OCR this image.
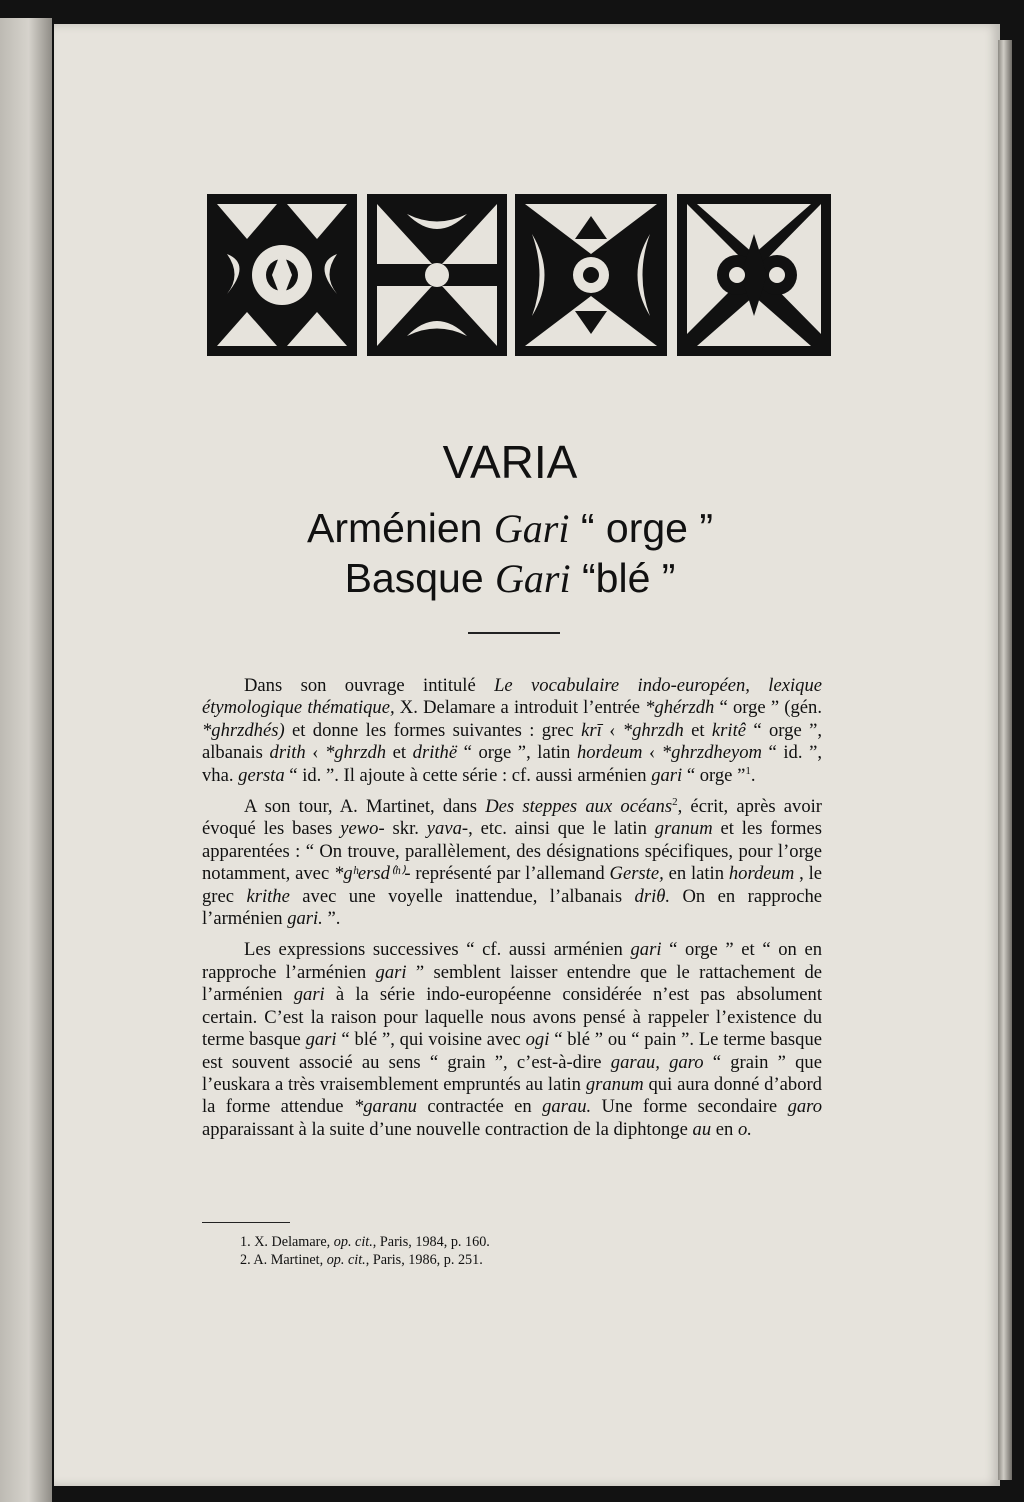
VARIA
Arménien Gari “ orge ”
Basque Gari “blé ”

Dans son ouvrage intitulé Le vocabulaire indo-européen, lexique étymologique thématique, X. Delamare a introduit l’entrée *ghérzdh “ orge ” (gén. *ghrzdhés) et donne les formes suivantes : grec krī ‹ *ghrzdh et kritê “ orge ”, albanais drith ‹ *ghrzdh et drithë “ orge ”, latin hordeum ‹ *ghrzdheyom “ id. ”, vha. gersta “ id. ”. Il ajoute à cette série : cf. aussi arménien gari “ orge ”$^1$.

A son tour, A. Martinet, dans Des steppes aux océans$^2$, écrit, après avoir évoqué les bases yewo- skr. yava-, etc. ainsi que le latin granum et les formes apparentées : “ On trouve, parallèlement, des désignations spécifiques, pour l’orge notamment, avec *gʰersd⁽ʰ⁾- représenté par l’allemand Gerste, en latin hordeum , le grec krithe avec une voyelle inattendue, l’albanais driθ. On en rapproche l’arménien gari. ”.

Les expressions successives “ cf. aussi arménien gari “ orge ” et “ on en rapproche l’arménien gari ” semblent laisser entendre que le rattachement de l’arménien gari à la série indo-européenne considérée n’est pas absolument certain. C’est la raison pour laquelle nous avons pensé à rappeler l’existence du terme basque gari “ blé ”, qui voisine avec ogi “ blé ” ou “ pain ”. Le terme basque est souvent associé au sens “ grain ”, c’est-à-dire garau, garo “ grain ” que l’euskara a très vraisemblement empruntés au latin granum qui aura donné d’abord la forme attendue *garanu contractée en garau. Une forme secondaire garo apparaissant à la suite d’une nouvelle contraction de la diphtonge au en o.

1. X. Delamare, op. cit., Paris, 1984, p. 160.
2. A. Martinet, op. cit., Paris, 1986, p. 251.
